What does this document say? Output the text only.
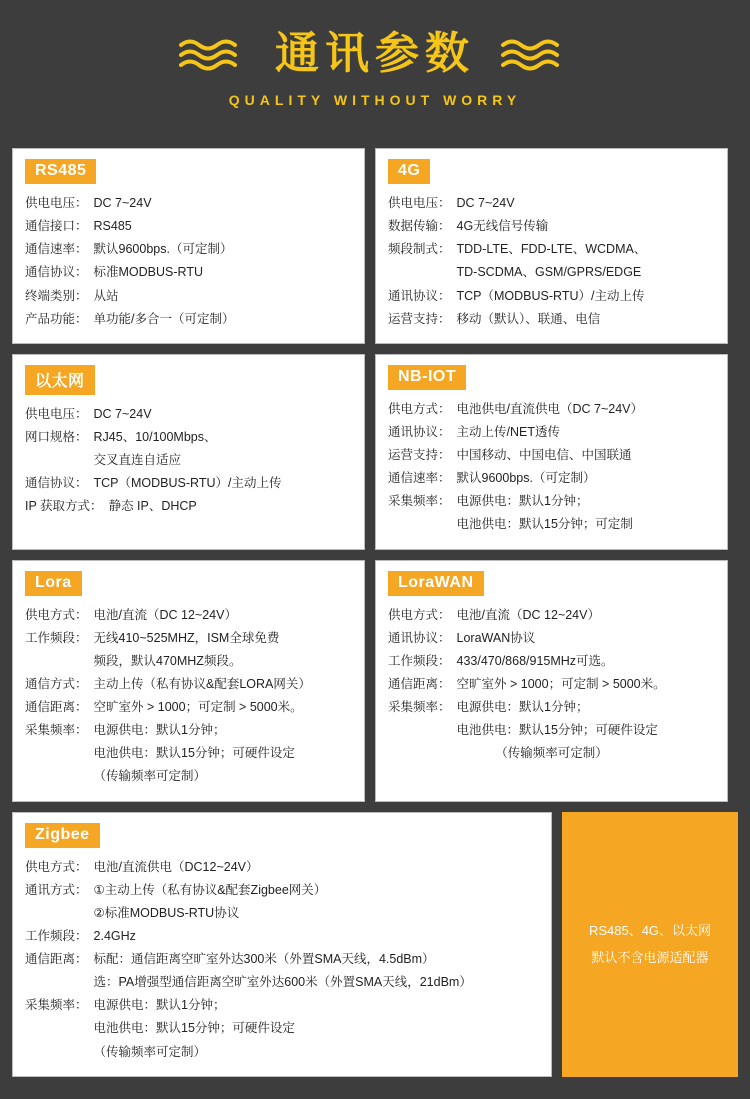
通讯参数
QUALITY WITHOUT WORRY
RS485
供电电压： DC 7~24V
通信接口： RS485
通信速率： 默认9600bps.（可定制）
通信协议： 标准MODBUS-RTU
终端类别： 从站
产品功能： 单功能/多合一（可定制）
4G
供电电压： DC 7~24V
数据传输： 4G无线信号传输
频段制式： TDD-LTE、FDD-LTE、WCDMA、
TD-SCDMA、GSM/GPRS/EDGE
通讯协议： TCP（MODBUS-RTU）/主动上传
运营支持： 移动（默认）、联通、电信
以太网
供电电压： DC 7~24V
网口规格： RJ45、10/100Mbps、
交叉直连自适应
通信协议： TCP（MODBUS-RTU）/主动上传
IP 获取方式： 静态 IP、DHCP
NB-IOT
供电方式： 电池供电/直流供电（DC 7~24V）
通讯协议： 主动上传/NET透传
运营支持： 中国移动、中国电信、中国联通
通信速率： 默认9600bps.（可定制）
采集频率： 电源供电：默认1分钟；
电池供电：默认15分钟；可定制
Lora
供电方式： 电池/直流（DC 12~24V）
工作频段： 无线410~525MHZ，ISM全球免费
频段，默认470MHZ频段。
通信方式： 主动上传（私有协议&配套LORA网关）
通信距离： 空旷室外 > 1000；可定制 > 5000米。
采集频率： 电源供电：默认1分钟；
电池供电：默认15分钟；可硬件设定
（传输频率可定制）
LoraWAN
供电方式： 电池/直流（DC 12~24V）
通讯协议： LoraWAN协议
工作频段： 433/470/868/915MHz可选。
通信距离： 空旷室外 > 1000；可定制 > 5000米。
采集频率： 电源供电：默认1分钟；
电池供电：默认15分钟；可硬件设定
（传输频率可定制）
Zigbee
供电方式： 电池/直流供电（DC12~24V）
通讯方式： ①主动上传（私有协议&配套Zigbee网关）
②标准MODBUS-RTU协议
工作频段： 2.4GHz
通信距离： 标配：通信距离空旷室外达300米（外置SMA天线，4.5dBm）
选：PA增强型通信距离空旷室外达600米（外置SMA天线，21dBm）
采集频率： 电源供电：默认1分钟；
电池供电：默认15分钟；可硬件设定
（传输频率可定制）
RS485、4G、以太网
默认不含电源适配器
